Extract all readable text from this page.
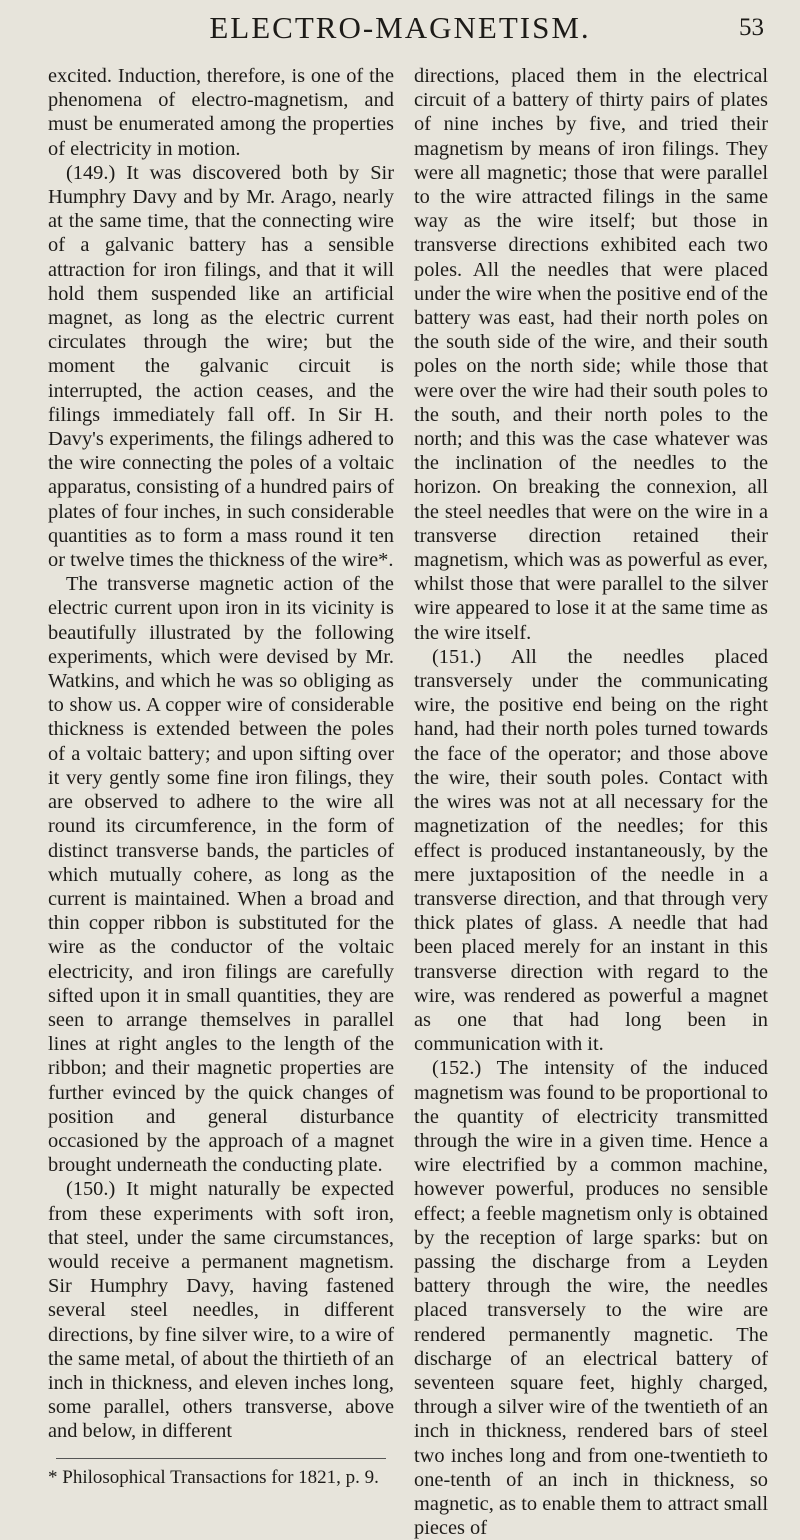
ELECTRO-MAGNETISM.	53

excited. Induction, therefore, is one of the phenomena of electro-magnetism, and must be enumerated among the properties of electricity in motion.

(149.) It was discovered both by Sir Humphry Davy and by Mr. Arago, nearly at the same time, that the connecting wire of a galvanic battery has a sensible attraction for iron filings, and that it will hold them suspended like an artificial magnet, as long as the electric current circulates through the wire; but the moment the galvanic circuit is interrupted, the action ceases, and the filings immediately fall off. In Sir H. Davy's experiments, the filings adhered to the wire connecting the poles of a voltaic apparatus, consisting of a hundred pairs of plates of four inches, in such considerable quantities as to form a mass round it ten or twelve times the thickness of the wire*.

The transverse magnetic action of the electric current upon iron in its vicinity is beautifully illustrated by the following experiments, which were devised by Mr. Watkins, and which he was so obliging as to show us. A copper wire of considerable thickness is extended between the poles of a voltaic battery; and upon sifting over it very gently some fine iron filings, they are observed to adhere to the wire all round its circumference, in the form of distinct transverse bands, the particles of which mutually cohere, as long as the current is maintained. When a broad and thin copper ribbon is substituted for the wire as the conductor of the voltaic electricity, and iron filings are carefully sifted upon it in small quantities, they are seen to arrange themselves in parallel lines at right angles to the length of the ribbon; and their magnetic properties are further evinced by the quick changes of position and general disturbance occasioned by the approach of a magnet brought underneath the conducting plate.

(150.) It might naturally be expected from these experiments with soft iron, that steel, under the same circumstances, would receive a permanent magnetism. Sir Humphry Davy, having fastened several steel needles, in different directions, by fine silver wire, to a wire of the same metal, of about the thirtieth of an inch in thickness, and eleven inches long, some parallel, others transverse, above and below, in different

* Philosophical Transactions for 1821, p. 9.

directions, placed them in the electrical circuit of a battery of thirty pairs of plates of nine inches by five, and tried their magnetism by means of iron filings. They were all magnetic; those that were parallel to the wire attracted filings in the same way as the wire itself; but those in transverse directions exhibited each two poles. All the needles that were placed under the wire when the positive end of the battery was east, had their north poles on the south side of the wire, and their south poles on the north side; while those that were over the wire had their south poles to the south, and their north poles to the north; and this was the case whatever was the inclination of the needles to the horizon. On breaking the connexion, all the steel needles that were on the wire in a transverse direction retained their magnetism, which was as powerful as ever, whilst those that were parallel to the silver wire appeared to lose it at the same time as the wire itself.

(151.) All the needles placed transversely under the communicating wire, the positive end being on the right hand, had their north poles turned towards the face of the operator; and those above the wire, their south poles. Contact with the wires was not at all necessary for the magnetization of the needles; for this effect is produced instantaneously, by the mere juxtaposition of the needle in a transverse direction, and that through very thick plates of glass. A needle that had been placed merely for an instant in this transverse direction with regard to the wire, was rendered as powerful a magnet as one that had long been in communication with it.

(152.) The intensity of the induced magnetism was found to be proportional to the quantity of electricity transmitted through the wire in a given time. Hence a wire electrified by a common machine, however powerful, produces no sensible effect; a feeble magnetism only is obtained by the reception of large sparks: but on passing the discharge from a Leyden battery through the wire, the needles placed transversely to the wire are rendered permanently magnetic. The discharge of an electrical battery of seventeen square feet, highly charged, through a silver wire of the twentieth of an inch in thickness, rendered bars of steel two inches long and from one-twentieth to one-tenth of an inch in thickness, so magnetic, as to enable them to attract small pieces of
